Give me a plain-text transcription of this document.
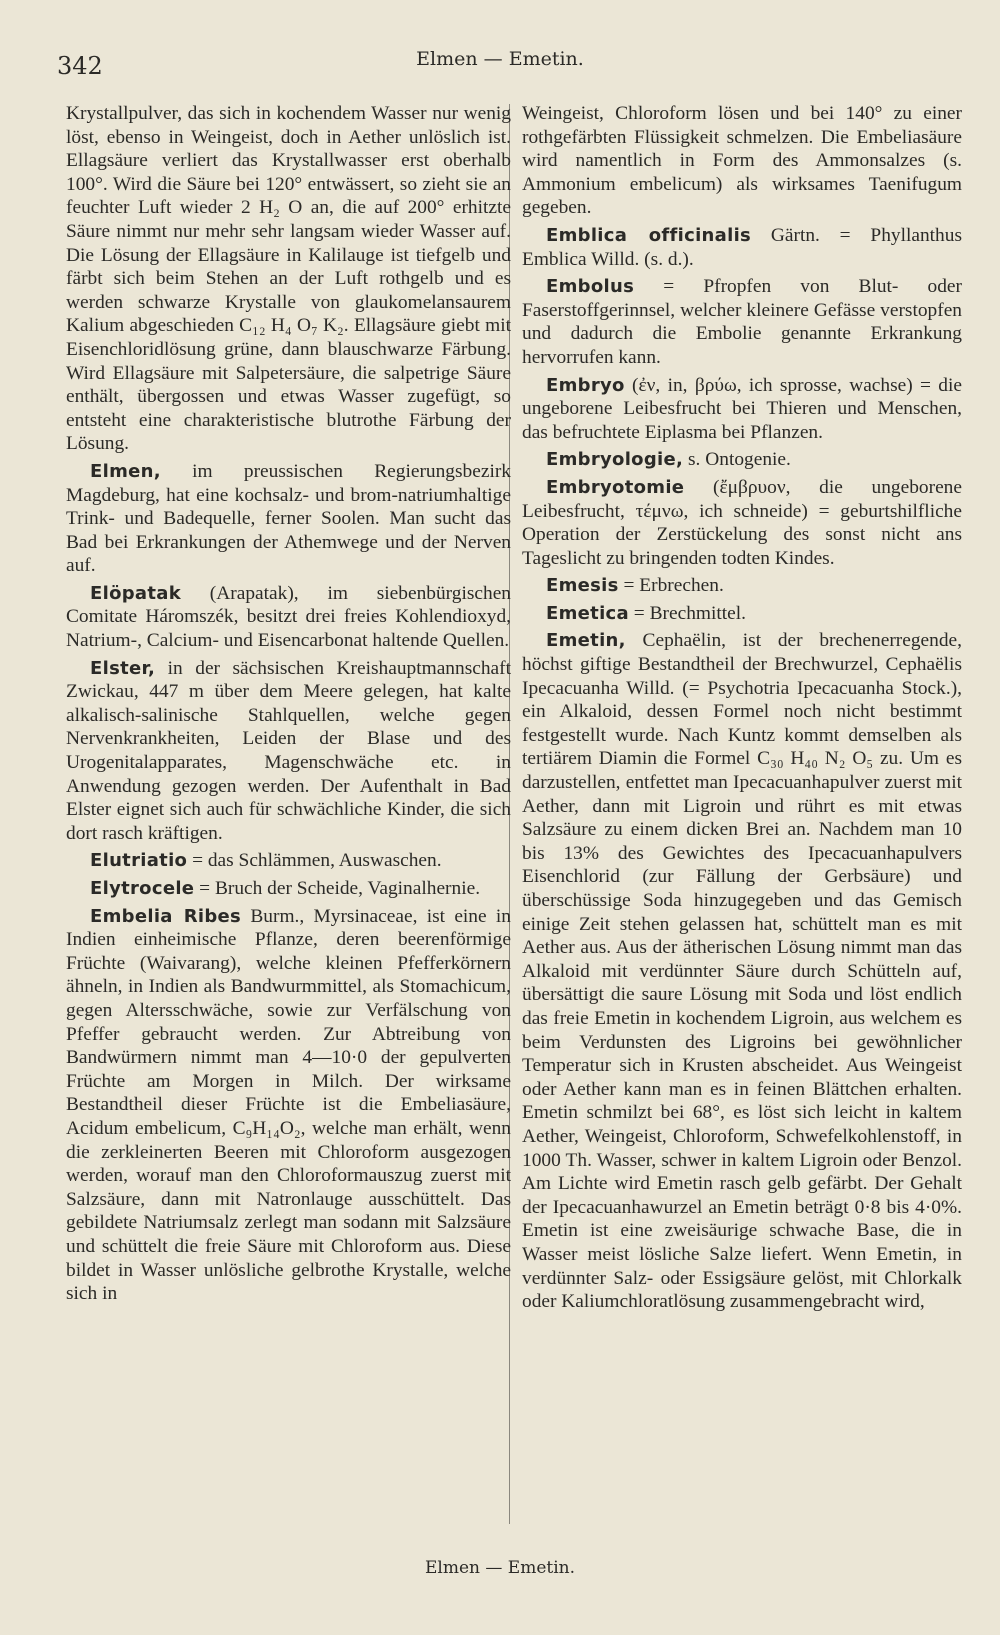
342	Elmen — Emetin.

Krystallpulver, das sich in kochendem Wasser nur wenig löst, ebenso in Weingeist, doch in Aether unlöslich ist. Ellagsäure verliert das Krystallwasser erst oberhalb 100°. Wird die Säure bei 120° entwässert, so zieht sie an feuchter Luft wieder 2 H₂ O an, die auf 200° erhitzte Säure nimmt nur mehr sehr langsam wieder Wasser auf. Die Lösung der Ellagsäure in Kalilauge ist tiefgelb und färbt sich beim Stehen an der Luft rothgelb und es werden schwarze Krystalle von glaukomelansaurem Kalium abgeschieden C₁₂ H₄ O₇ K₂. Ellagsäure giebt mit Eisenchloridlösung grüne, dann blauschwarze Färbung. Wird Ellagsäure mit Salpetersäure, die salpetrige Säure enthält, übergossen und etwas Wasser zugefügt, so entsteht eine charakteristische blutrothe Färbung der Lösung.

Elmen, im preussischen Regierungsbezirk Magdeburg, hat eine kochsalz- und brom-natriumhaltige Trink- und Badequelle, ferner Soolen. Man sucht das Bad bei Erkrankungen der Athemwege und der Nerven auf.

Elöpatak (Arapatak), im siebenbürgischen Comitate Háromszék, besitzt drei freies Kohlendioxyd, Natrium-, Calcium- und Eisencarbonat haltende Quellen.

Elster, in der sächsischen Kreishauptmannschaft Zwickau, 447 m über dem Meere gelegen, hat kalte alkalisch-salinische Stahlquellen, welche gegen Nervenkrankheiten, Leiden der Blase und des Urogenitalapparates, Magenschwäche etc. in Anwendung gezogen werden. Der Aufenthalt in Bad Elster eignet sich auch für schwächliche Kinder, die sich dort rasch kräftigen.

Elutriatio = das Schlämmen, Auswaschen.

Elytrocele = Bruch der Scheide, Vaginalhernie.

Embelia Ribes Burm., Myrsinaceae, ist eine in Indien einheimische Pflanze, deren beerenförmige Früchte (Waivarang), welche kleinen Pfefferkörnern ähneln, in Indien als Bandwurmmittel, als Stomachicum, gegen Altersschwäche, sowie zur Verfälschung von Pfeffer gebraucht werden. Zur Abtreibung von Bandwürmern nimmt man 4—10·0 der gepulverten Früchte am Morgen in Milch. Der wirksame Bestandtheil dieser Früchte ist die Embeliasäure, Acidum embelicum, C₉H₁₄O₂, welche man erhält, wenn die zerkleinerten Beeren mit Chloroform ausgezogen werden, worauf man den Chloroformauszug zuerst mit Salzsäure, dann mit Natronlauge ausschüttelt. Das gebildete Natriumsalz zerlegt man sodann mit Salzsäure und schüttelt die freie Säure mit Chloroform aus. Diese bildet in Wasser unlösliche gelbrothe Krystalle, welche sich in

Weingeist, Chloroform lösen und bei 140° zu einer rothgefärbten Flüssigkeit schmelzen. Die Embeliasäure wird namentlich in Form des Ammonsalzes (s. Ammonium embelicum) als wirksames Taenifugum gegeben.

Emblica officinalis Gärtn. = Phyllanthus Emblica Willd. (s. d.).

Embolus = Pfropfen von Blut- oder Faserstoffgerinnsel, welcher kleinere Gefässe verstopfen und dadurch die Embolie genannte Erkrankung hervorrufen kann.

Embryo (ἐν, in, βρύω, ich sprosse, wachse) = die ungeborene Leibesfrucht bei Thieren und Menschen, das befruchtete Eiplasma bei Pflanzen.

Embryologie, s. Ontogenie.

Embryotomie (ἔμβρυον, die ungeborene Leibesfrucht, τέμνω, ich schneide) = geburtshilfliche Operation der Zerstückelung des sonst nicht ans Tageslicht zu bringenden todten Kindes.

Emesis = Erbrechen.

Emetica = Brechmittel.

Emetin, Cephaëlin, ist der brechenerregende, höchst giftige Bestandtheil der Brechwurzel, Cephaëlis Ipecacuanha Willd. (= Psychotria Ipecacuanha Stock.), ein Alkaloid, dessen Formel noch nicht bestimmt festgestellt wurde. Nach Kuntz kommt demselben als tertiärem Diamin die Formel C₃₀ H₄₀ N₂ O₅ zu. Um es darzustellen, entfettet man Ipecacuanhapulver zuerst mit Aether, dann mit Ligroin und rührt es mit etwas Salzsäure zu einem dicken Brei an. Nachdem man 10 bis 13% des Gewichtes des Ipecacuanhapulvers Eisenchlorid (zur Fällung der Gerbsäure) und überschüssige Soda hinzugegeben und das Gemisch einige Zeit stehen gelassen hat, schüttelt man es mit Aether aus. Aus der ätherischen Lösung nimmt man das Alkaloid mit verdünnter Säure durch Schütteln auf, übersättigt die saure Lösung mit Soda und löst endlich das freie Emetin in kochendem Ligroin, aus welchem es beim Verdunsten des Ligroins bei gewöhnlicher Temperatur sich in Krusten abscheidet. Aus Weingeist oder Aether kann man es in feinen Blättchen erhalten. Emetin schmilzt bei 68°, es löst sich leicht in kaltem Aether, Weingeist, Chloroform, Schwefelkohlenstoff, in 1000 Th. Wasser, schwer in kaltem Ligroin oder Benzol. Am Lichte wird Emetin rasch gelb gefärbt. Der Gehalt der Ipecacuanhawurzel an Emetin beträgt 0·8 bis 4·0%. Emetin ist eine zweisäurige schwache Base, die in Wasser meist lösliche Salze liefert. Wenn Emetin, in verdünnter Salz- oder Essigsäure gelöst, mit Chlorkalk oder Kaliumchloratlösung zusammengebracht wird,

Elmen — Emetin.
